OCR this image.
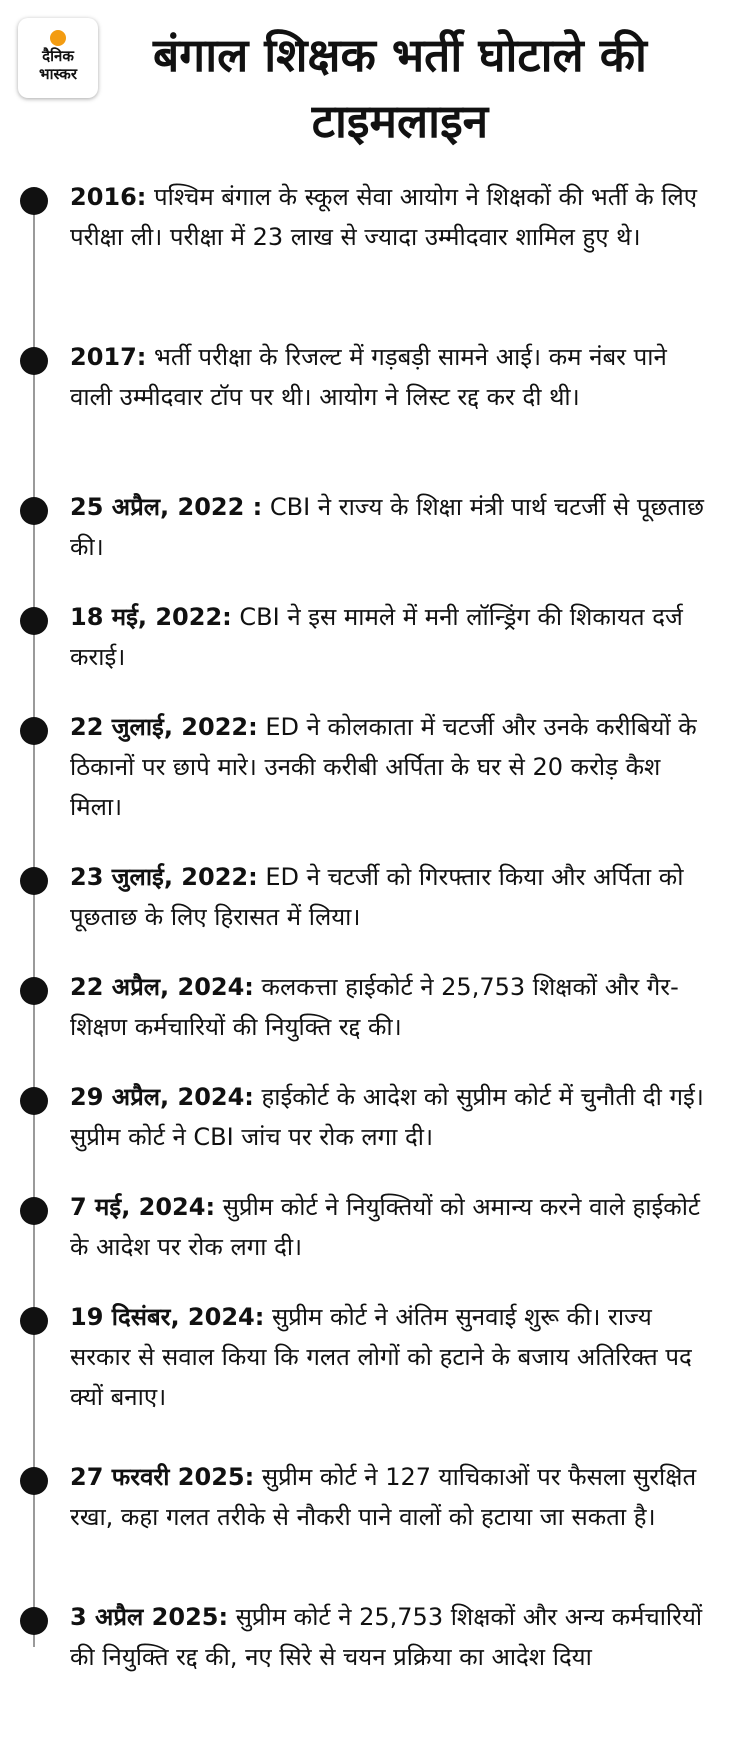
दैनिक
भास्कर	बंगाल शिक्षक भर्ती घोटाले की टाइमलाइन
2016: पश्चिम बंगाल के स्कूल सेवा आयोग ने शिक्षकों की भर्ती के लिए परीक्षा ली। परीक्षा में 23 लाख से ज्यादा उम्मीदवार शामिल हुए थे।
2017: भर्ती परीक्षा के रिजल्ट में गड़बड़ी सामने आई। कम नंबर पाने वाली उम्मीदवार टॉप पर थी। आयोग ने लिस्ट रद्द कर दी थी।
25 अप्रैल, 2022 : CBI ने राज्य के शिक्षा मंत्री पार्थ चटर्जी से पूछताछ की।
18 मई, 2022: CBI ने इस मामले में मनी लॉन्ड्रिंग की शिकायत दर्ज कराई।
22 जुलाई, 2022: ED ने कोलकाता में चटर्जी और उनके करीबियों के ठिकानों पर छापे मारे। उनकी करीबी अर्पिता के घर से 20 करोड़ कैश मिला।
23 जुलाई, 2022: ED ने चटर्जी को गिरफ्तार किया और अर्पिता को पूछताछ के लिए हिरासत में लिया।
22 अप्रैल, 2024: कलकत्ता हाईकोर्ट ने 25,753 शिक्षकों और गैर-शिक्षण कर्मचारियों की नियुक्ति रद्द की।
29 अप्रैल, 2024: हाईकोर्ट के आदेश को सुप्रीम कोर्ट में चुनौती दी गई। सुप्रीम कोर्ट ने CBI जांच पर रोक लगा दी।
7 मई, 2024: सुप्रीम कोर्ट ने नियुक्तियों को अमान्य करने वाले हाईकोर्ट के आदेश पर रोक लगा दी।
19 दिसंबर, 2024: सुप्रीम कोर्ट ने अंतिम सुनवाई शुरू की। राज्य सरकार से सवाल किया कि गलत लोगों को हटाने के बजाय अतिरिक्त पद क्यों बनाए।
27 फरवरी 2025: सुप्रीम कोर्ट ने 127 याचिकाओं पर फैसला सुरक्षित रखा, कहा गलत तरीके से नौकरी पाने वालों को हटाया जा सकता है।
3 अप्रैल 2025: सुप्रीम कोर्ट ने 25,753 शिक्षकों और अन्य कर्मचारियों की नियुक्ति रद्द की, नए सिरे से चयन प्रक्रिया का आदेश दिया
